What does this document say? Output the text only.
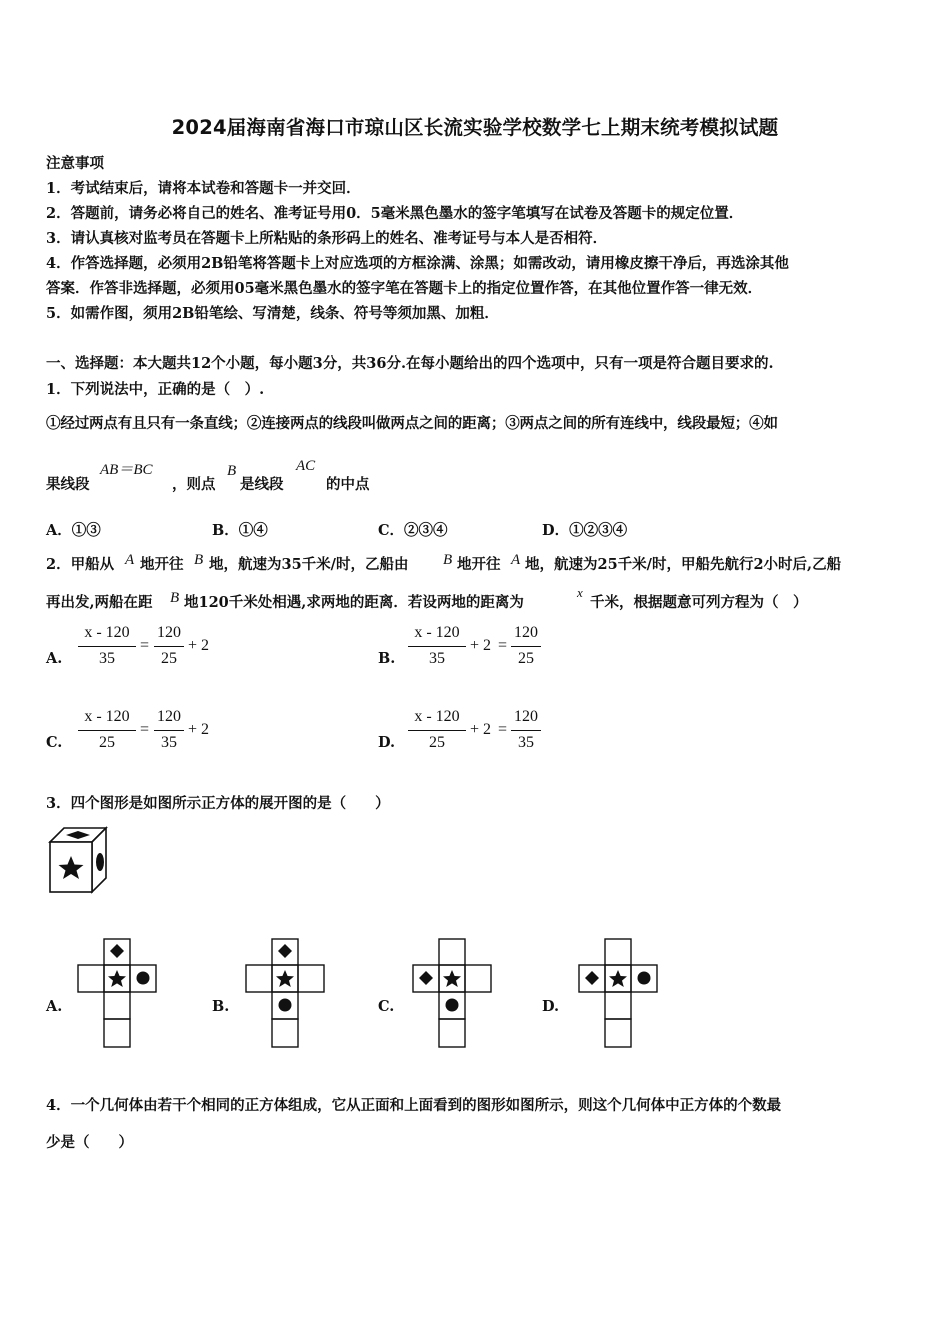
2024届海南省海口市琼山区长流实验学校数学七上期末统考模拟试题
注意事项
1．考试结束后，请将本试卷和答题卡一并交回．
2．答题前，请务必将自己的姓名、准考证号用0．5毫米黑色墨水的签字笔填写在试卷及答题卡的规定位置．
3．请认真核对监考员在答题卡上所粘贴的条形码上的姓名、准考证号与本人是否相符．
4．作答选择题，必须用2B铅笔将答题卡上对应选项的方框涂满、涂黑；如需改动，请用橡皮擦干净后，再选涂其他
答案．作答非选择题，必须用05毫米黑色墨水的签字笔在答题卡上的指定位置作答，在其他位置作答一律无效．
5．如需作图，须用2B铅笔绘、写清楚，线条、符号等须加黑、加粗．
一、选择题：本大题共12个小题，每小题3分，共36分.在每小题给出的四个选项中，只有一项是符合题目要求的.
1．下列说法中，正确的是（　）.
①经过两点有且只有一条直线；②连接两点的线段叫做两点之间的距离；③两点之间的所有连线中，线段最短；④如
果线段
AB＝BC
，则点
B
是线段
AC
的中点
A．①③	B．①④	C．②③④	D．①②③④
2．甲船从 A 地开往 B 地，航速为35千米/时，乙船由 B 地开往 A 地，航速为25千米/时，甲船先航行2小时后,乙船
再出发,两船在距 B 地120千米处相遇,求两地的距离．若设两地的距离为
x
千米，根据题意可列方程为（　）
A.
x - 120
35
=
120
25
+ 2
B.
x - 120
35
+ 2 =
120
25
C.
x - 120
25
=
120
35
+ 2
D.
x - 120
25
+ 2 =
120
35
3．四个图形是如图所示正方体的展开图的是（　　）
A.	B.	C.	D.
4．一个几何体由若干个相同的正方体组成，它从正面和上面看到的图形如图所示，则这个几何体中正方体的个数最
少是（　　）
